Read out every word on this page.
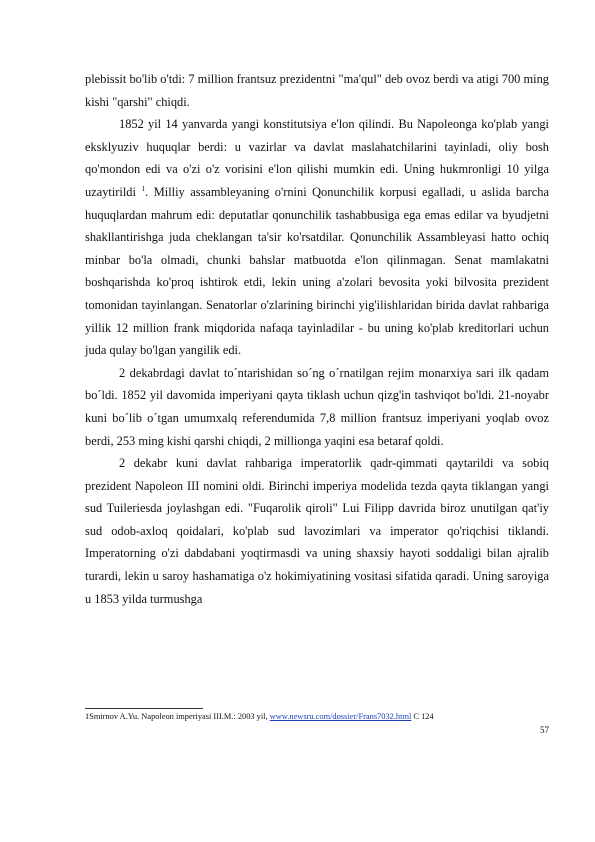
plebissit bo'lib o'tdi: 7 million frantsuz prezidentni "ma'qul" deb ovoz berdi va atigi 700 ming kishi "qarshi" chiqdi.

1852 yil 14 yanvarda yangi konstitutsiya e'lon qilindi. Bu Napoleonga ko'plab yangi eksklyuziv huquqlar berdi: u vazirlar va davlat maslahatchilarini tayinladi, oliy bosh qo'mondon edi va o'zi o'z vorisini e'lon qilishi mumkin edi. Uning hukmronligi 10 yilga uzaytirildi $^1$. Milliy assambleyaning o'rnini Qonunchilik korpusi egalladi, u aslida barcha huquqlardan mahrum edi: deputatlar qonunchilik tashabbusiga ega emas edilar va byudjetni shakllantirishga juda cheklangan ta'sir ko'rsatdilar. Qonunchilik Assambleyasi hatto ochiq minbar bo'la olmadi, chunki bahslar matbuotda e'lon qilinmagan. Senat mamlakatni boshqarishda ko'proq ishtirok etdi, lekin uning a'zolari bevosita yoki bilvosita prezident tomonidan tayinlangan. Senatorlar o'zlarining birinchi yig'ilishlaridan birida davlat rahbariga yillik 12 million frank miqdorida nafaqa tayinladilar - bu uning ko'plab kreditorlari uchun juda qulay bo'lgan yangilik edi.

2 dekabrdagi davlat to´ntarishidan so´ng o´rnatilgan rejim monarxiya sari ilk qadam bo´ldi. 1852 yil davomida imperiyani qayta tiklash uchun qizg'in tashviqot bo'ldi. 21-noyabr kuni bo´lib o´tgan umumxalq referendumida 7,8 million frantsuz imperiyani yoqlab ovoz berdi, 253 ming kishi qarshi chiqdi, 2 millionga yaqini esa betaraf qoldi.

2 dekabr kuni davlat rahbariga imperatorlik qadr-qimmati qaytarildi va sobiq prezident Napoleon III nomini oldi. Birinchi imperiya modelida tezda qayta tiklangan yangi sud Tuileriesda joylashgan edi. "Fuqarolik qiroli" Lui Filipp davrida biroz unutilgan qat'iy sud odob-axloq qoidalari, ko'plab sud lavozimlari va imperator qo'riqchisi tiklandi. Imperatorning o'zi dabdabani yoqtirmasdi va uning shaxsiy hayoti soddaligi bilan ajralib turardi, lekin u saroy hashamatiga o'z hokimiyatining vositasi sifatida qaradi. Uning saroyiga u 1853 yilda turmushga

1Smirnov A.Yu. Napoleon imperiyasi III.M.: 2003 yil, www.newsru.com/dossier/Frans7032.html C 124
57
